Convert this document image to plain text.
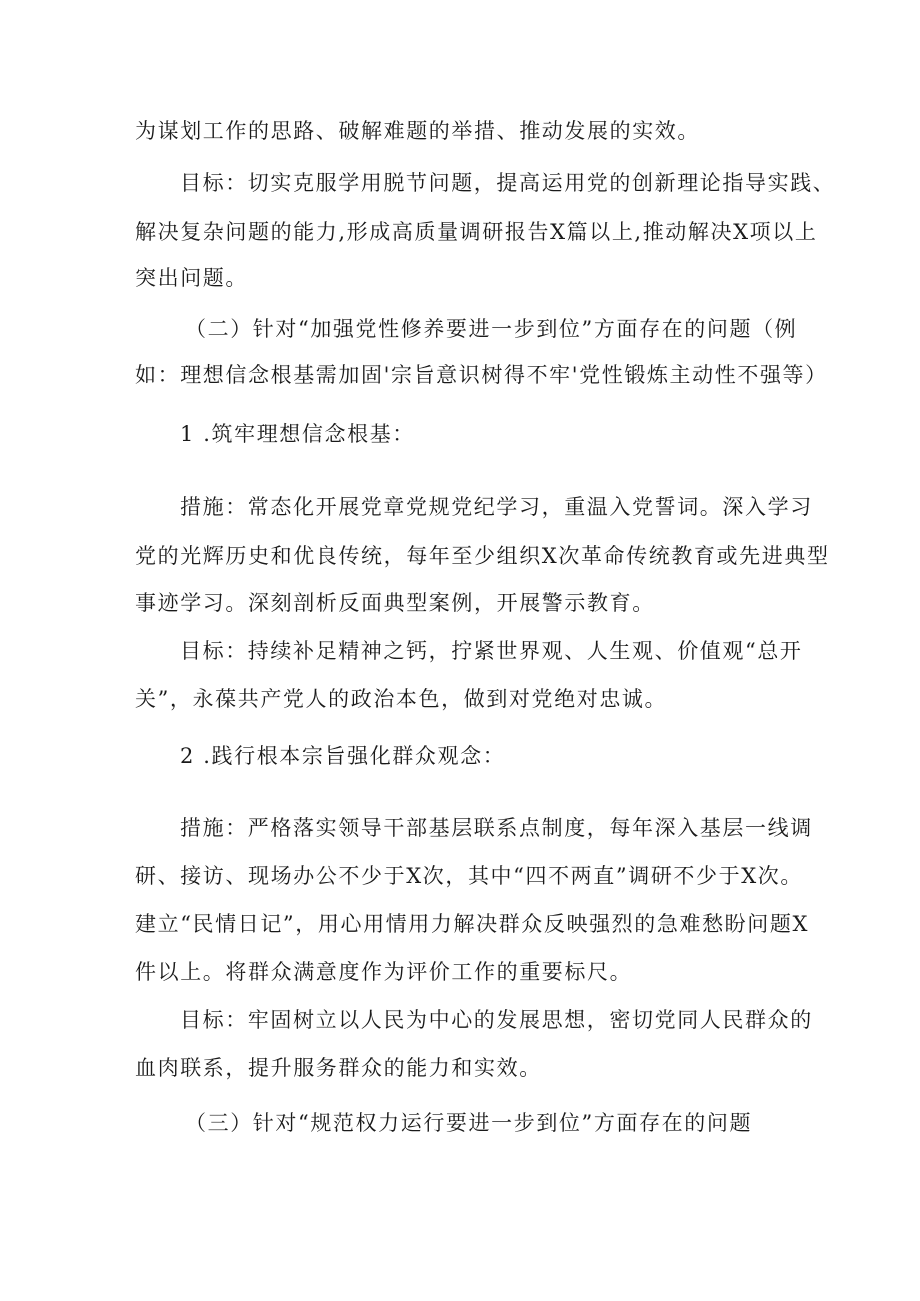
为谋划工作的思路、破解难题的举措、推动发展的实效。
目标：切实克服学用脱节问题，提高运用党的创新理论指导实践、
解决复杂问题的能力,形成高质量调研报告X篇以上,推动解决X项以上
突出问题。
（二）针对“加强党性修养要进一步到位”方面存在的问题（例
如：理想信念根基需加固'宗旨意识树得不牢'党性锻炼主动性不强等）
1 .筑牢理想信念根基：
措施：常态化开展党章党规党纪学习，重温入党誓词。深入学习
党的光辉历史和优良传统，每年至少组织X次革命传统教育或先进典型
事迹学习。深刻剖析反面典型案例，开展警示教育。
目标：持续补足精神之钙，拧紧世界观、人生观、价值观“总开
关”，永葆共产党人的政治本色，做到对党绝对忠诚。
2 .践行根本宗旨强化群众观念：
措施：严格落实领导干部基层联系点制度，每年深入基层一线调
研、接访、现场办公不少于X次，其中“四不两直”调研不少于X次。
建立“民情日记”，用心用情用力解决群众反映强烈的急难愁盼问题X
件以上。将群众满意度作为评价工作的重要标尺。
目标：牢固树立以人民为中心的发展思想，密切党同人民群众的
血肉联系，提升服务群众的能力和实效。
（三）针对“规范权力运行要进一步到位”方面存在的问题
